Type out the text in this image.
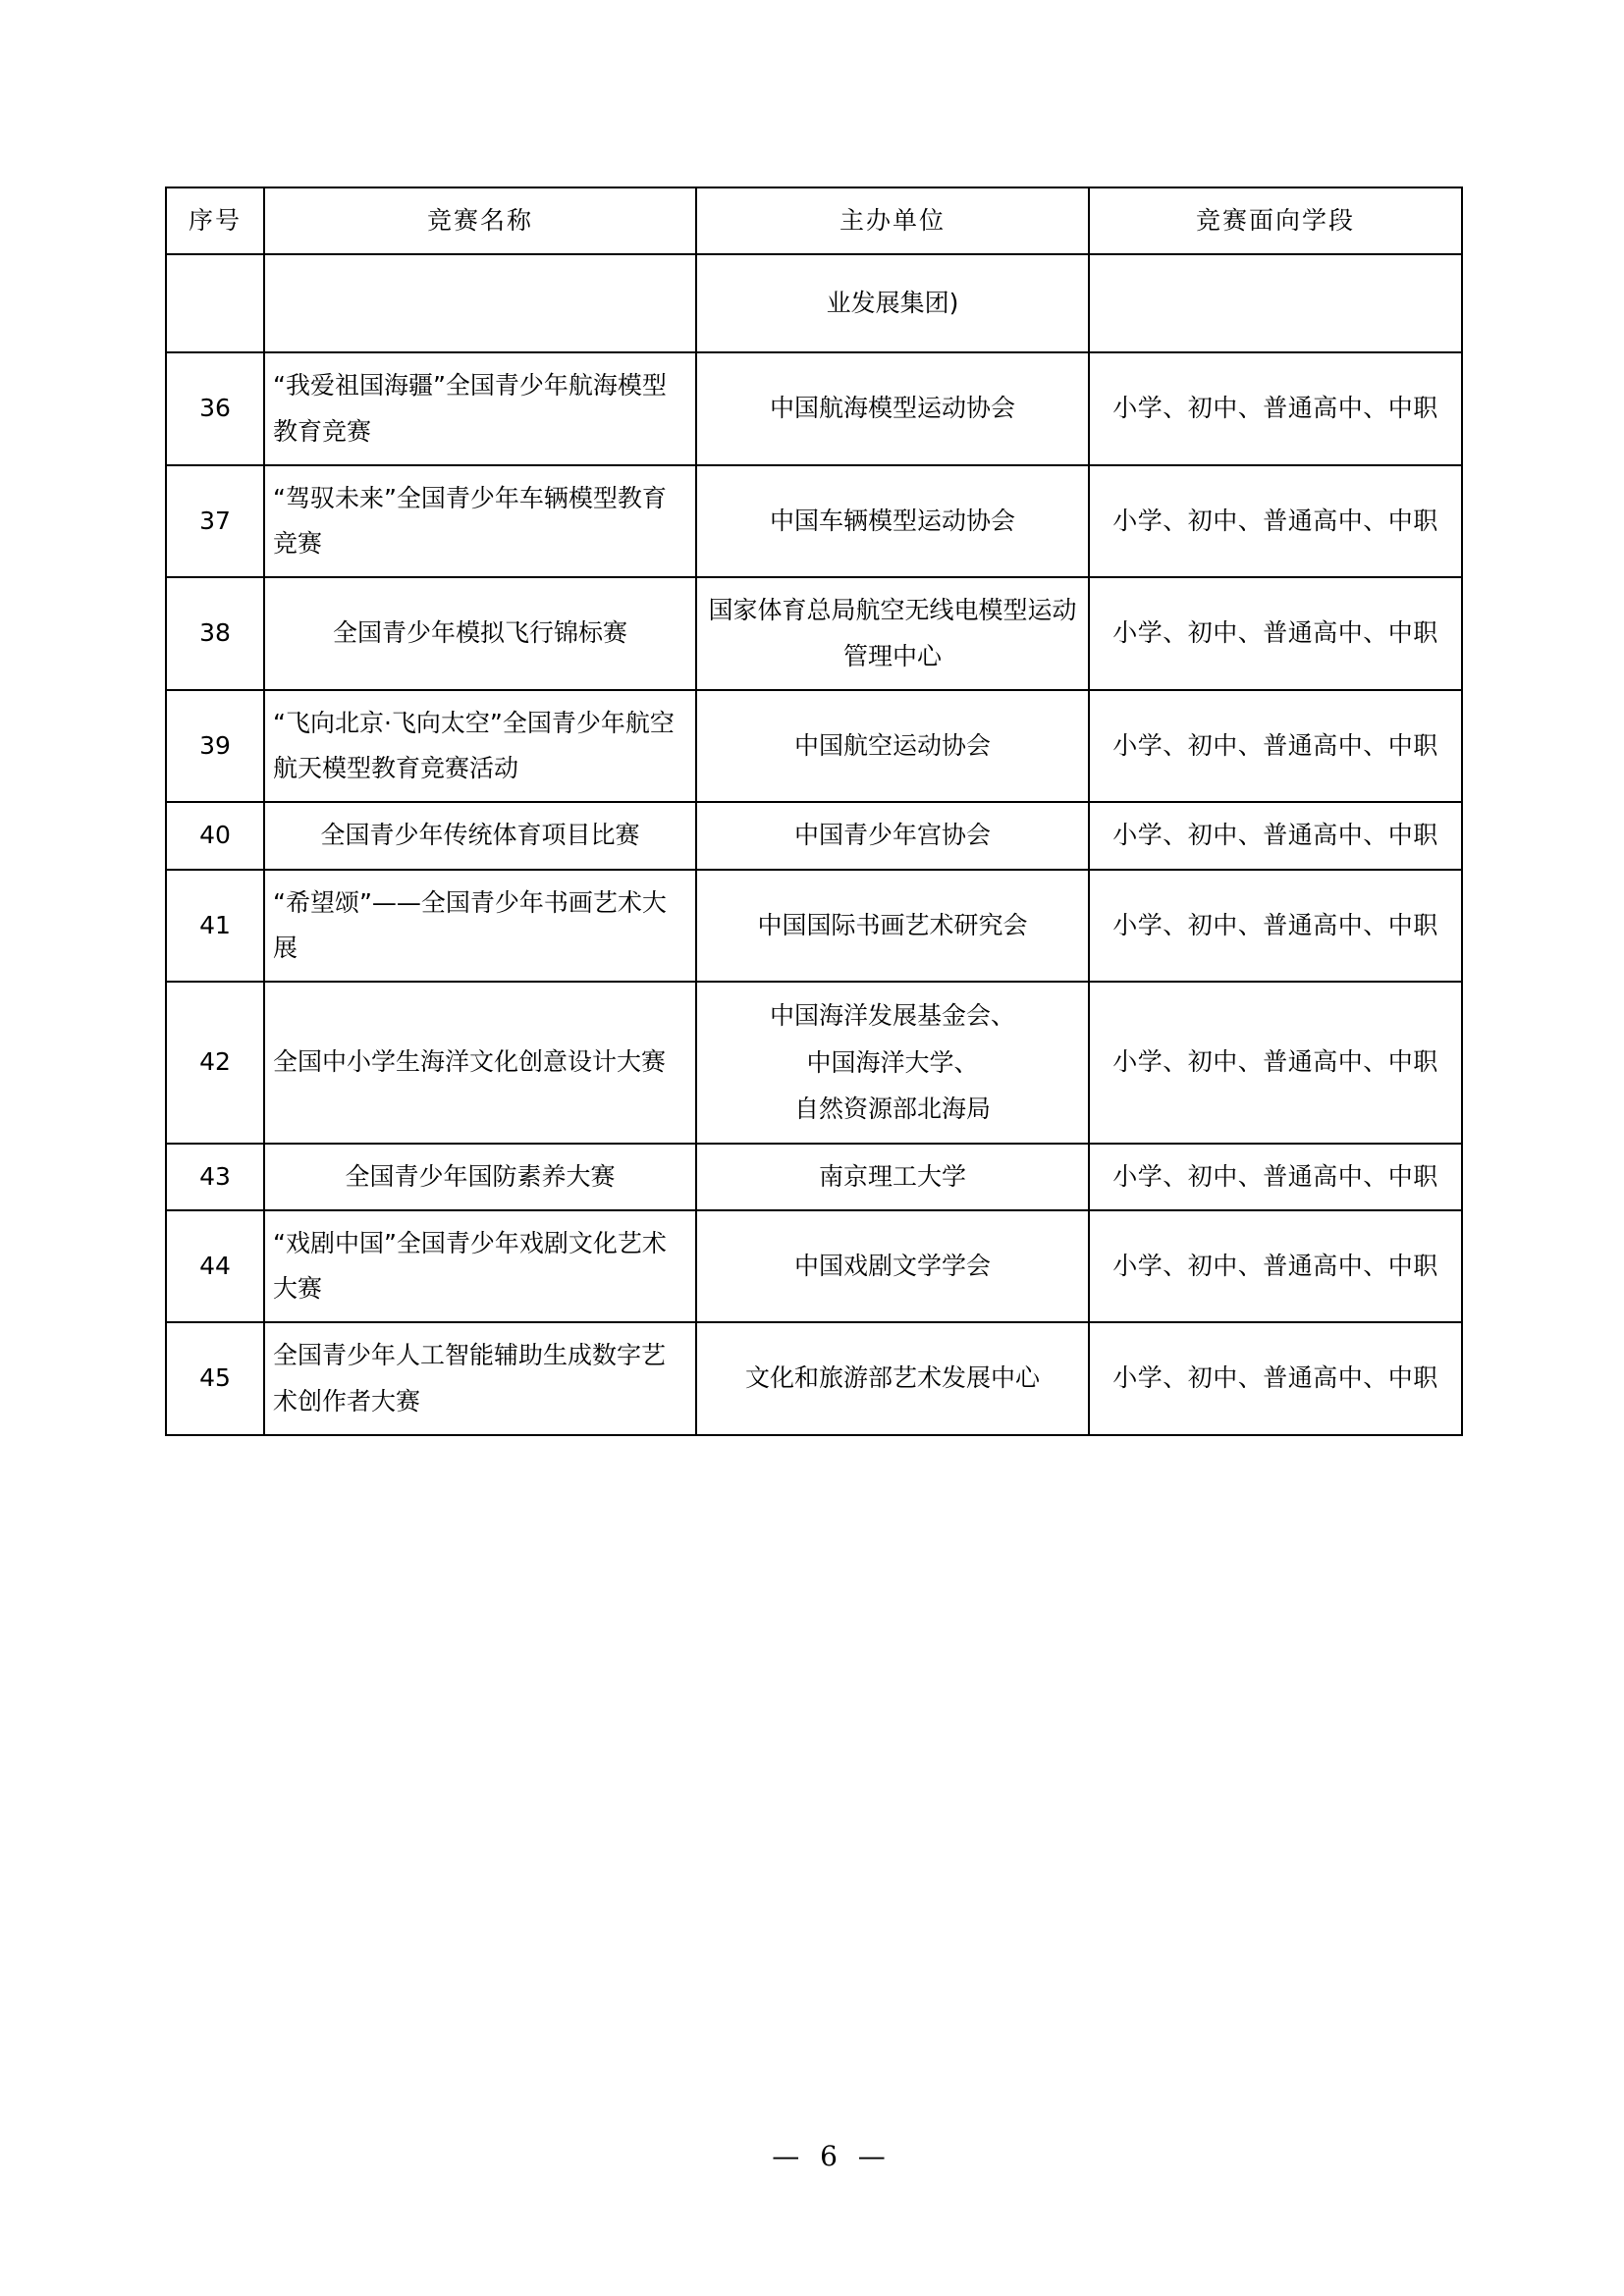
序号	竞赛名称	主办单位	竞赛面向学段
		业发展集团)	
36	“我爱祖国海疆”全国青少年航海模型教育竞赛	中国航海模型运动协会	小学、初中、普通高中、中职
37	“驾驭未来”全国青少年车辆模型教育竞赛	中国车辆模型运动协会	小学、初中、普通高中、中职
38	全国青少年模拟飞行锦标赛	国家体育总局航空无线电模型运动管理中心	小学、初中、普通高中、中职
39	“飞向北京·飞向太空”全国青少年航空航天模型教育竞赛活动	中国航空运动协会	小学、初中、普通高中、中职
40	全国青少年传统体育项目比赛	中国青少年宫协会	小学、初中、普通高中、中职
41	“希望颂”——全国青少年书画艺术大展	中国国际书画艺术研究会	小学、初中、普通高中、中职
42	全国中小学生海洋文化创意设计大赛	中国海洋发展基金会、
中国海洋大学、
自然资源部北海局	小学、初中、普通高中、中职
43	全国青少年国防素养大赛	南京理工大学	小学、初中、普通高中、中职
44	“戏剧中国”全国青少年戏剧文化艺术大赛	中国戏剧文学学会	小学、初中、普通高中、中职
45	全国青少年人工智能辅助生成数字艺术创作者大赛	文化和旅游部艺术发展中心	小学、初中、普通高中、中职
— 6 —
